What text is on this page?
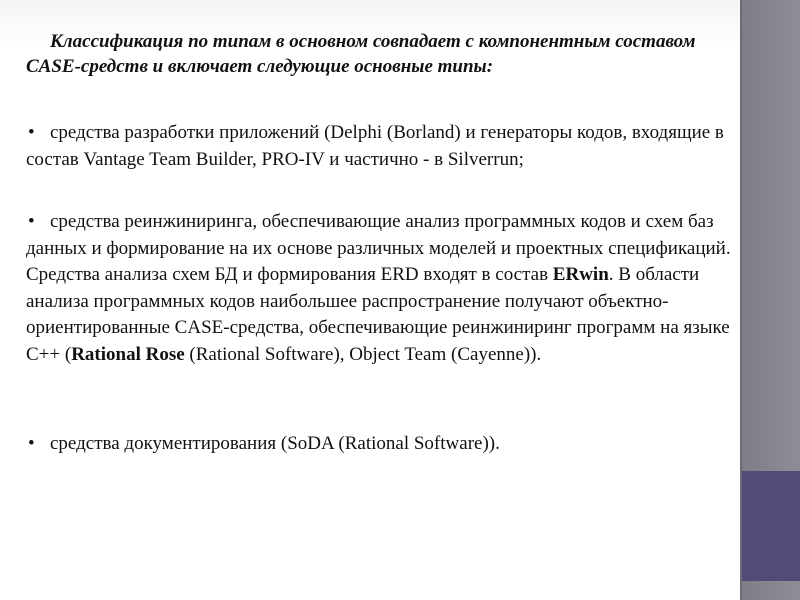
Классификация по типам в основном совпадает с компонентным составом CASE-средств и включает следующие основные типы:
• средства разработки приложений (Delphi (Borland) и генераторы кодов, входящие в состав Vantage Team Builder, PRO-IV и частично - в Silverrun;
• средства реинжиниринга, обеспечивающие анализ программных кодов и схем баз данных и формирование на их основе различных моделей и проектных спецификаций. Средства анализа схем БД и формирования ERD входят в состав ERwin. В области анализа программных кодов наибольшее распространение получают объектно-ориентированные CASE-средства, обеспечивающие реинжиниринг программ на языке C++ (Rational Rose (Rational Software), Object Team (Cayenne)).
• средства документирования (SoDA (Rational Software)).
